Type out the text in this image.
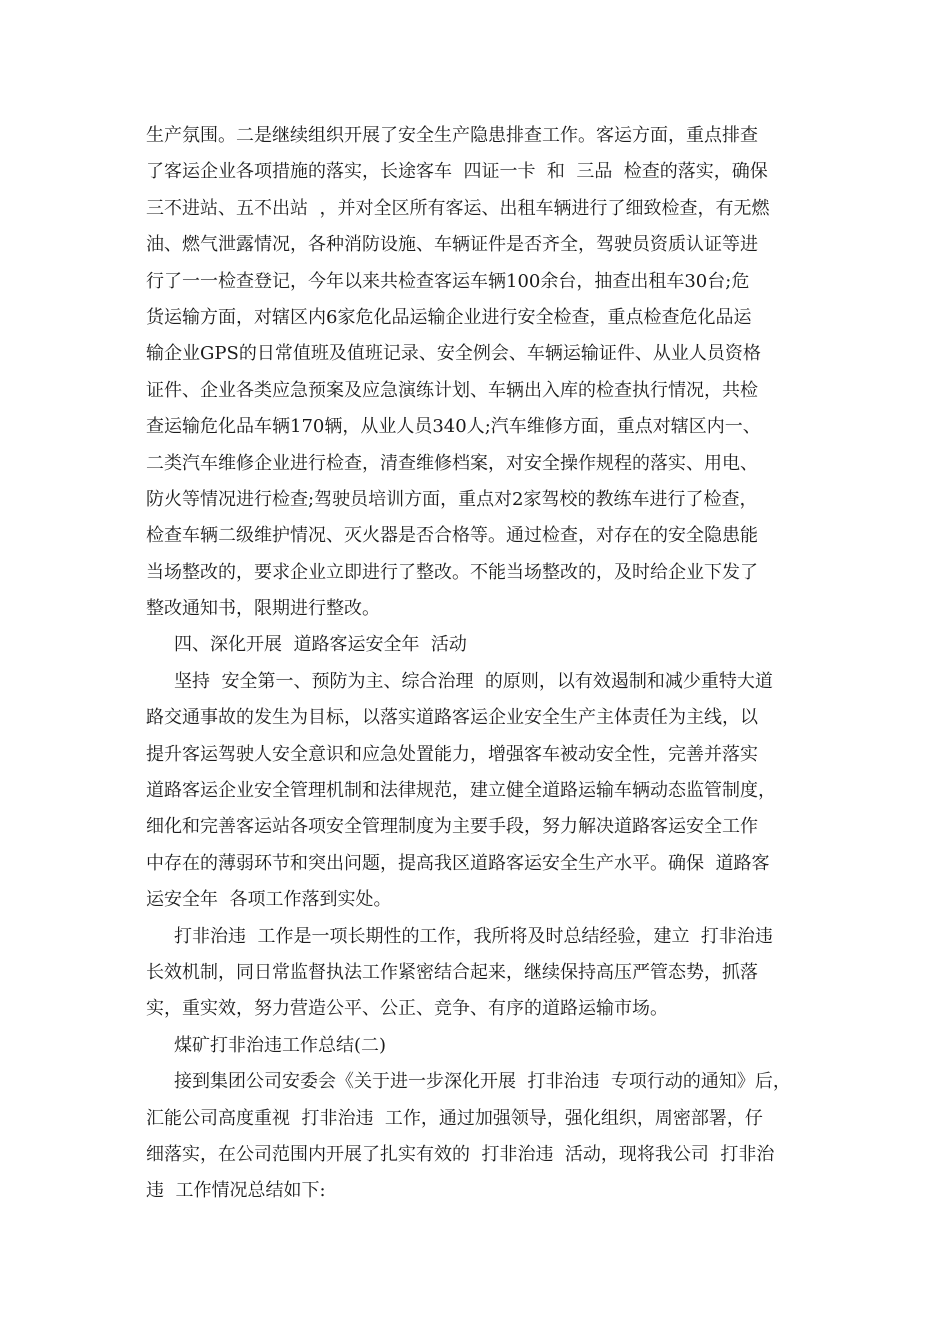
生产氛围。二是继续组织开展了安全生产隐患排查工作。客运方面，重点排查
了客运企业各项措施的落实，长途客车  四证一卡  和  三品  检查的落实，确保
三不进站、五不出站  ，并对全区所有客运、出租车辆进行了细致检查，有无燃
油、燃气泄露情况，各种消防设施、车辆证件是否齐全，驾驶员资质认证等进
行了一一检查登记，今年以来共检查客运车辆100余台，抽查出租车30台;危
货运输方面，对辖区内6家危化品运输企业进行安全检查，重点检查危化品运
输企业GPS的日常值班及值班记录、安全例会、车辆运输证件、从业人员资格
证件、企业各类应急预案及应急演练计划、车辆出入库的检查执行情况，共检
查运输危化品车辆170辆，从业人员340人;汽车维修方面，重点对辖区内一、
二类汽车维修企业进行检查，清查维修档案，对安全操作规程的落实、用电、
防火等情况进行检查;驾驶员培训方面，重点对2家驾校的教练车进行了检查，
检查车辆二级维护情况、灭火器是否合格等。通过检查，对存在的安全隐患能
当场整改的，要求企业立即进行了整改。不能当场整改的，及时给企业下发了
整改通知书，限期进行整改。
四、深化开展  道路客运安全年  活动
坚持  安全第一、预防为主、综合治理  的原则，以有效遏制和减少重特大道
路交通事故的发生为目标，以落实道路客运企业安全生产主体责任为主线，以
提升客运驾驶人安全意识和应急处置能力，增强客车被动安全性，完善并落实
道路客运企业安全管理机制和法律规范，建立健全道路运输车辆动态监管制度，
细化和完善客运站各项安全管理制度为主要手段，努力解决道路客运安全工作
中存在的薄弱环节和突出问题，提高我区道路客运安全生产水平。确保  道路客
运安全年  各项工作落到实处。
打非治违  工作是一项长期性的工作，我所将及时总结经验，建立  打非治违
长效机制，同日常监督执法工作紧密结合起来，继续保持高压严管态势，抓落
实，重实效，努力营造公平、公正、竞争、有序的道路运输市场。
煤矿打非治违工作总结(二)
接到集团公司安委会《关于进一步深化开展  打非治违  专项行动的通知》后，
汇能公司高度重视  打非治违  工作，通过加强领导，强化组织，周密部署，仔
细落实，在公司范围内开展了扎实有效的  打非治违  活动，现将我公司  打非治
违  工作情况总结如下:
